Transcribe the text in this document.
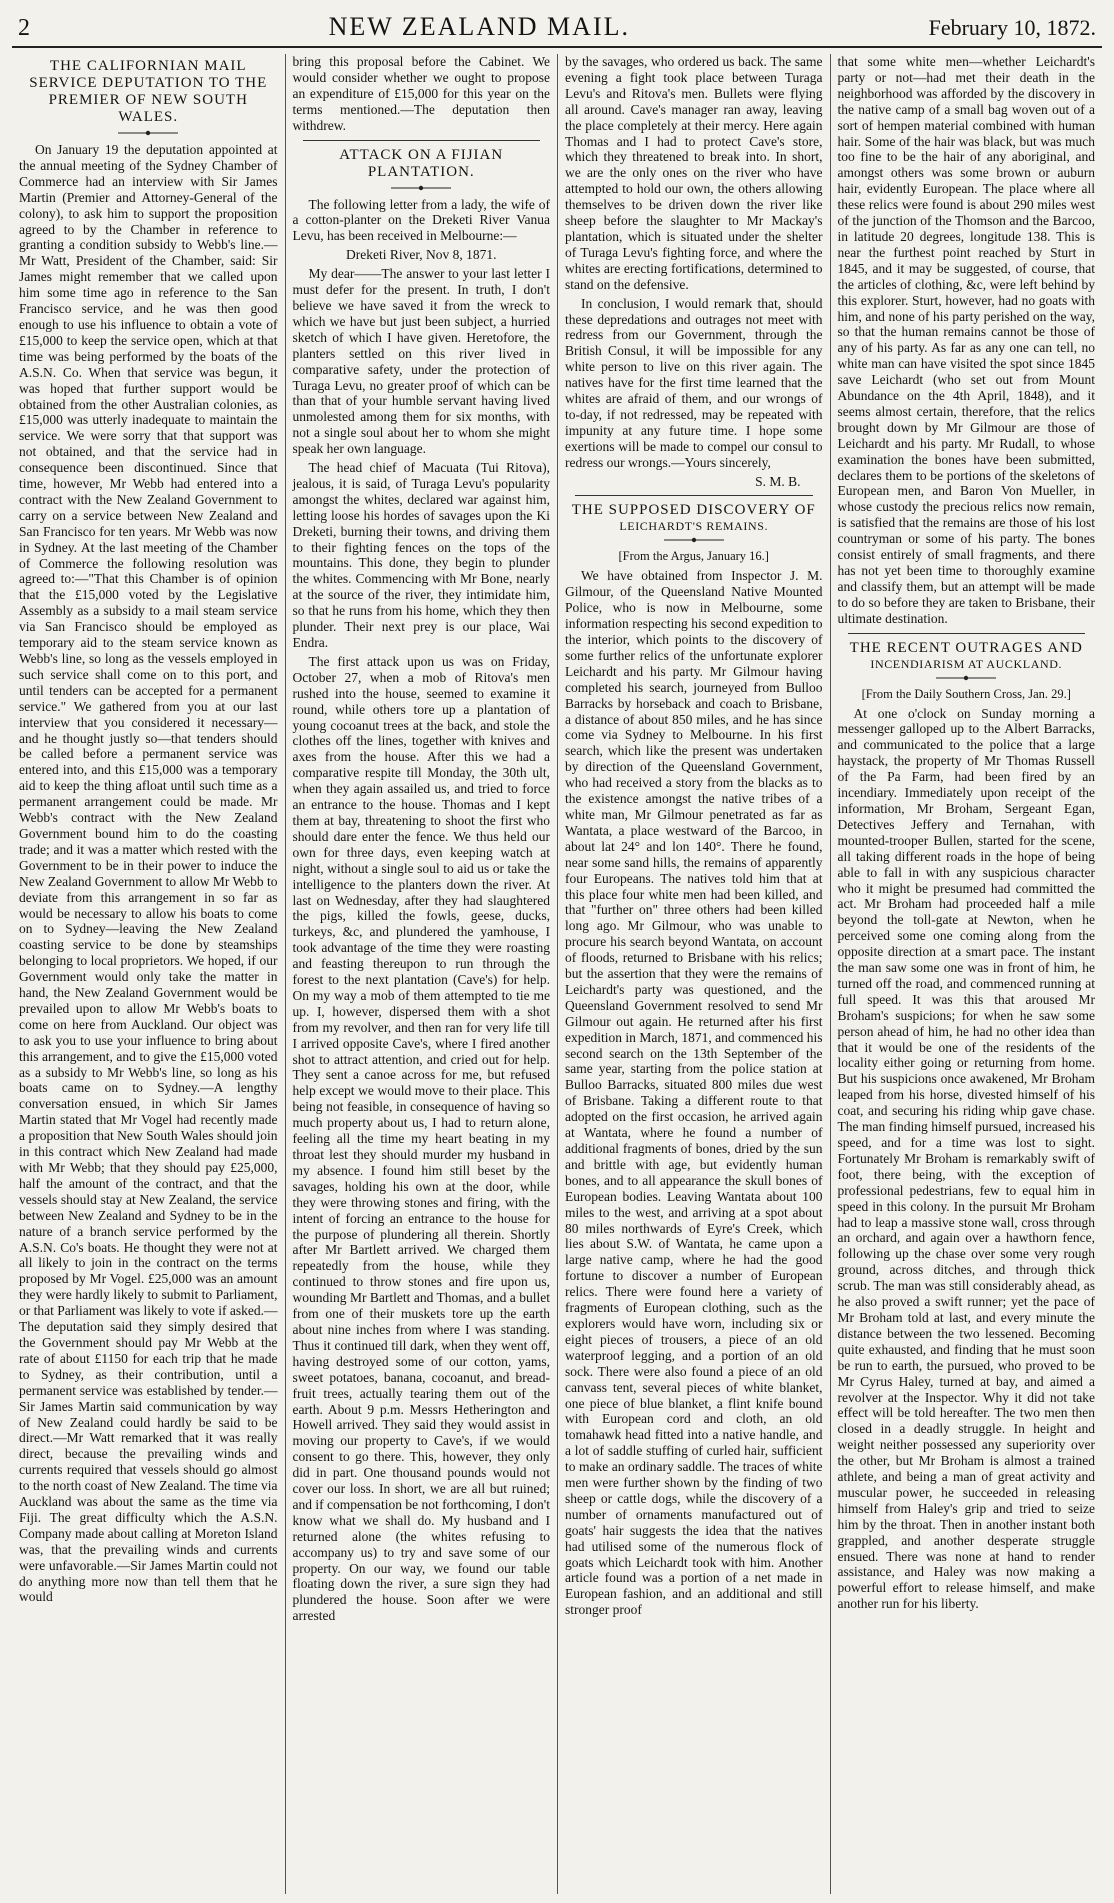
2	NEW ZEALAND MAIL.	February 10, 1872.
THE CALIFORNIAN MAIL SERVICE DEPUTATION TO THE PREMIER OF NEW SOUTH WALES.

On January 19 the deputation appointed at the annual meeting of the Sydney Chamber of Commerce had an interview with Sir James Martin (Premier and Attorney-General of the colony), to ask him to support the proposition agreed to by the Chamber in reference to granting a condition subsidy to Webb's line.—Mr Watt, President of the Chamber, said: Sir James might remember that we called upon him some time ago in reference to the San Francisco service, and he was then good enough to use his influence to obtain a vote of £15,000 to keep the service open, which at that time was being performed by the boats of the A.S.N. Co. When that service was begun, it was hoped that further support would be obtained from the other Australian colonies, as £15,000 was utterly inadequate to maintain the service. We were sorry that that support was not obtained, and that the service had in consequence been discontinued. Since that time, however, Mr Webb had entered into a contract with the New Zealand Government to carry on a service between New Zealand and San Francisco for ten years. Mr Webb was now in Sydney. At the last meeting of the Chamber of Commerce the following resolution was agreed to:—"That this Chamber is of opinion that the £15,000 voted by the Legislative Assembly as a subsidy to a mail steam service via San Francisco should be employed as temporary aid to the steam service known as Webb's line, so long as the vessels employed in such service shall come on to this port, and until tenders can be accepted for a permanent service." We gathered from you at our last interview that you considered it necessary—and he thought justly so—that tenders should be called before a permanent service was entered into, and this £15,000 was a temporary aid to keep the thing afloat until such time as a permanent arrangement could be made. Mr Webb's contract with the New Zealand Government bound him to do the coasting trade; and it was a matter which rested with the Government to be in their power to induce the New Zealand Government to allow Mr Webb to deviate from this arrangement in so far as would be necessary to allow his boats to come on to Sydney—leaving the New Zealand coasting service to be done by steamships belonging to local proprietors. We hoped, if our Government would only take the matter in hand, the New Zealand Government would be prevailed upon to allow Mr Webb's boats to come on here from Auckland. Our object was to ask you to use your influence to bring about this arrangement, and to give the £15,000 voted as a subsidy to Mr Webb's line, so long as his boats came on to Sydney.—A lengthy conversation ensued, in which Sir James Martin stated that Mr Vogel had recently made a proposition that New South Wales should join in this contract which New Zealand had made with Mr Webb; that they should pay £25,000, half the amount of the contract, and that the vessels should stay at New Zealand, the service between New Zealand and Sydney to be in the nature of a branch service performed by the A.S.N. Co's boats. He thought they were not at all likely to join in the contract on the terms proposed by Mr Vogel. £25,000 was an amount they were hardly likely to submit to Parliament, or that Parliament was likely to vote if asked.—The deputation said they simply desired that the Government should pay Mr Webb at the rate of about £1150 for each trip that he made to Sydney, as their contribution, until a permanent service was established by tender.—Sir James Martin said communication by way of New Zealand could hardly be said to be direct.—Mr Watt remarked that it was really direct, because the prevailing winds and currents required that vessels should go almost to the north coast of New Zealand. The time via Auckland was about the same as the time via Fiji. The great difficulty which the A.S.N. Company made about calling at Moreton Island was, that the prevailing winds and currents were unfavorable.—Sir James Martin could not do anything more now than tell them that he would

bring this proposal before the Cabinet. We would consider whether we ought to propose an expenditure of £15,000 for this year on the terms mentioned.—The deputation then withdrew.

ATTACK ON A FIJIAN PLANTATION.

The following letter from a lady, the wife of a cotton-planter on the Dreketi River Vanua Levu, has been received in Melbourne:—

Dreketi River, Nov 8, 1871.

My dear——The answer to your last letter I must defer for the present. In truth, I don't believe we have saved it from the wreck to which we have but just been subject, a hurried sketch of which I have given. Heretofore, the planters settled on this river lived in comparative safety, under the protection of Turaga Levu, no greater proof of which can be than that of your humble servant having lived unmolested among them for six months, with not a single soul about her to whom she might speak her own language.

The head chief of Macuata (Tui Ritova), jealous, it is said, of Turaga Levu's popularity amongst the whites, declared war against him, letting loose his hordes of savages upon the Ki Dreketi, burning their towns, and driving them to their fighting fences on the tops of the mountains. This done, they begin to plunder the whites. Commencing with Mr Bone, nearly at the source of the river, they intimidate him, so that he runs from his home, which they then plunder. Their next prey is our place, Wai Endra.

The first attack upon us was on Friday, October 27, when a mob of Ritova's men rushed into the house, seemed to examine it round, while others tore up a plantation of young cocoanut trees at the back, and stole the clothes off the lines, together with knives and axes from the house. After this we had a comparative respite till Monday, the 30th ult, when they again assailed us, and tried to force an entrance to the house. Thomas and I kept them at bay, threatening to shoot the first who should dare enter the fence. We thus held our own for three days, even keeping watch at night, without a single soul to aid us or take the intelligence to the planters down the river. At last on Wednesday, after they had slaughtered the pigs, killed the fowls, geese, ducks, turkeys, &c, and plundered the yamhouse, I took advantage of the time they were roasting and feasting thereupon to run through the forest to the next plantation (Cave's) for help. On my way a mob of them attempted to tie me up. I, however, dispersed them with a shot from my revolver, and then ran for very life till I arrived opposite Cave's, where I fired another shot to attract attention, and cried out for help. They sent a canoe across for me, but refused help except we would move to their place. This being not feasible, in consequence of having so much property about us, I had to return alone, feeling all the time my heart beating in my throat lest they should murder my husband in my absence. I found him still beset by the savages, holding his own at the door, while they were throwing stones and firing, with the intent of forcing an entrance to the house for the purpose of plundering all therein. Shortly after Mr Bartlett arrived. We charged them repeatedly from the house, while they continued to throw stones and fire upon us, wounding Mr Bartlett and Thomas, and a bullet from one of their muskets tore up the earth about nine inches from where I was standing. Thus it continued till dark, when they went off, having destroyed some of our cotton, yams, sweet potatoes, banana, cocoanut, and bread-fruit trees, actually tearing them out of the earth. About 9 p.m. Messrs Hetherington and Howell arrived. They said they would assist in moving our property to Cave's, if we would consent to go there. This, however, they only did in part. One thousand pounds would not cover our loss. In short, we are all but ruined; and if compensation be not forthcoming, I don't know what we shall do. My husband and I returned alone (the whites refusing to accompany us) to try and save some of our property. On our way, we found our table floating down the river, a sure sign they had plundered the house. Soon after we were arrested

by the savages, who ordered us back. The same evening a fight took place between Turaga Levu's and Ritova's men. Bullets were flying all around. Cave's manager ran away, leaving the place completely at their mercy. Here again Thomas and I had to protect Cave's store, which they threatened to break into. In short, we are the only ones on the river who have attempted to hold our own, the others allowing themselves to be driven down the river like sheep before the slaughter to Mr Mackay's plantation, which is situated under the shelter of Turaga Levu's fighting force, and where the whites are erecting fortifications, determined to stand on the defensive.

In conclusion, I would remark that, should these depredations and outrages not meet with redress from our Government, through the British Consul, it will be impossible for any white person to live on this river again. The natives have for the first time learned that the whites are afraid of them, and our wrongs of to-day, if not redressed, may be repeated with impunity at any future time. I hope some exertions will be made to compel our consul to redress our wrongs.—Yours sincerely,

S. M. B.

THE SUPPOSED DISCOVERY OF
LEICHARDT'S REMAINS.

[From the Argus, January 16.]

We have obtained from Inspector J. M. Gilmour, of the Queensland Native Mounted Police, who is now in Melbourne, some information respecting his second expedition to the interior, which points to the discovery of some further relics of the unfortunate explorer Leichardt and his party. Mr Gilmour having completed his search, journeyed from Bulloo Barracks by horseback and coach to Brisbane, a distance of about 850 miles, and he has since come via Sydney to Melbourne. In his first search, which like the present was undertaken by direction of the Queensland Government, who had received a story from the blacks as to the existence amongst the native tribes of a white man, Mr Gilmour penetrated as far as Wantata, a place westward of the Barcoo, in about lat 24° and lon 140°. There he found, near some sand hills, the remains of apparently four Europeans. The natives told him that at this place four white men had been killed, and that "further on" three others had been killed long ago. Mr Gilmour, who was unable to procure his search beyond Wantata, on account of floods, returned to Brisbane with his relics; but the assertion that they were the remains of Leichardt's party was questioned, and the Queensland Government resolved to send Mr Gilmour out again. He returned after his first expedition in March, 1871, and commenced his second search on the 13th September of the same year, starting from the police station at Bulloo Barracks, situated 800 miles due west of Brisbane. Taking a different route to that adopted on the first occasion, he arrived again at Wantata, where he found a number of additional fragments of bones, dried by the sun and brittle with age, but evidently human bones, and to all appearance the skull bones of European bodies. Leaving Wantata about 100 miles to the west, and arriving at a spot about 80 miles northwards of Eyre's Creek, which lies about S.W. of Wantata, he came upon a large native camp, where he had the good fortune to discover a number of European relics. There were found here a variety of fragments of European clothing, such as the explorers would have worn, including six or eight pieces of trousers, a piece of an old waterproof legging, and a portion of an old sock. There were also found a piece of an old canvass tent, several pieces of white blanket, one piece of blue blanket, a flint knife bound with European cord and cloth, an old tomahawk head fitted into a native handle, and a lot of saddle stuffing of curled hair, sufficient to make an ordinary saddle. The traces of white men were further shown by the finding of two sheep or cattle dogs, while the discovery of a number of ornaments manufactured out of goats' hair suggests the idea that the natives had utilised some of the numerous flock of goats which Leichardt took with him. Another article found was a portion of a net made in European fashion, and an additional and still stronger proof

that some white men—whether Leichardt's party or not—had met their death in the neighborhood was afforded by the discovery in the native camp of a small bag woven out of a sort of hempen material combined with human hair. Some of the hair was black, but was much too fine to be the hair of any aboriginal, and amongst others was some brown or auburn hair, evidently European. The place where all these relics were found is about 290 miles west of the junction of the Thomson and the Barcoo, in latitude 20 degrees, longitude 138. This is near the furthest point reached by Sturt in 1845, and it may be suggested, of course, that the articles of clothing, &c, were left behind by this explorer. Sturt, however, had no goats with him, and none of his party perished on the way, so that the human remains cannot be those of any of his party. As far as any one can tell, no white man can have visited the spot since 1845 save Leichardt (who set out from Mount Abundance on the 4th April, 1848), and it seems almost certain, therefore, that the relics brought down by Mr Gilmour are those of Leichardt and his party. Mr Rudall, to whose examination the bones have been submitted, declares them to be portions of the skeletons of European men, and Baron Von Mueller, in whose custody the precious relics now remain, is satisfied that the remains are those of his lost countryman or some of his party. The bones consist entirely of small fragments, and there has not yet been time to thoroughly examine and classify them, but an attempt will be made to do so before they are taken to Brisbane, their ultimate destination.

THE RECENT OUTRAGES AND
INCENDIARISM AT AUCKLAND.

[From the Daily Southern Cross, Jan. 29.]

At one o'clock on Sunday morning a messenger galloped up to the Albert Barracks, and communicated to the police that a large haystack, the property of Mr Thomas Russell of the Pa Farm, had been fired by an incendiary. Immediately upon receipt of the information, Mr Broham, Sergeant Egan, Detectives Jeffery and Ternahan, with mounted-trooper Bullen, started for the scene, all taking different roads in the hope of being able to fall in with any suspicious character who it might be presumed had committed the act. Mr Broham had proceeded half a mile beyond the toll-gate at Newton, when he perceived some one coming along from the opposite direction at a smart pace. The instant the man saw some one was in front of him, he turned off the road, and commenced running at full speed. It was this that aroused Mr Broham's suspicions; for when he saw some person ahead of him, he had no other idea than that it would be one of the residents of the locality either going or returning from home. But his suspicions once awakened, Mr Broham leaped from his horse, divested himself of his coat, and securing his riding whip gave chase. The man finding himself pursued, increased his speed, and for a time was lost to sight. Fortunately Mr Broham is remarkably swift of foot, there being, with the exception of professional pedestrians, few to equal him in speed in this colony. In the pursuit Mr Broham had to leap a massive stone wall, cross through an orchard, and again over a hawthorn fence, following up the chase over some very rough ground, across ditches, and through thick scrub. The man was still considerably ahead, as he also proved a swift runner; yet the pace of Mr Broham told at last, and every minute the distance between the two lessened. Becoming quite exhausted, and finding that he must soon be run to earth, the pursued, who proved to be Mr Cyrus Haley, turned at bay, and aimed a revolver at the Inspector. Why it did not take effect will be told hereafter. The two men then closed in a deadly struggle. In height and weight neither possessed any superiority over the other, but Mr Broham is almost a trained athlete, and being a man of great activity and muscular power, he succeeded in releasing himself from Haley's grip and tried to seize him by the throat. Then in another instant both grappled, and another desperate struggle ensued. There was none at hand to render assistance, and Haley was now making a powerful effort to release himself, and make another run for his liberty.
